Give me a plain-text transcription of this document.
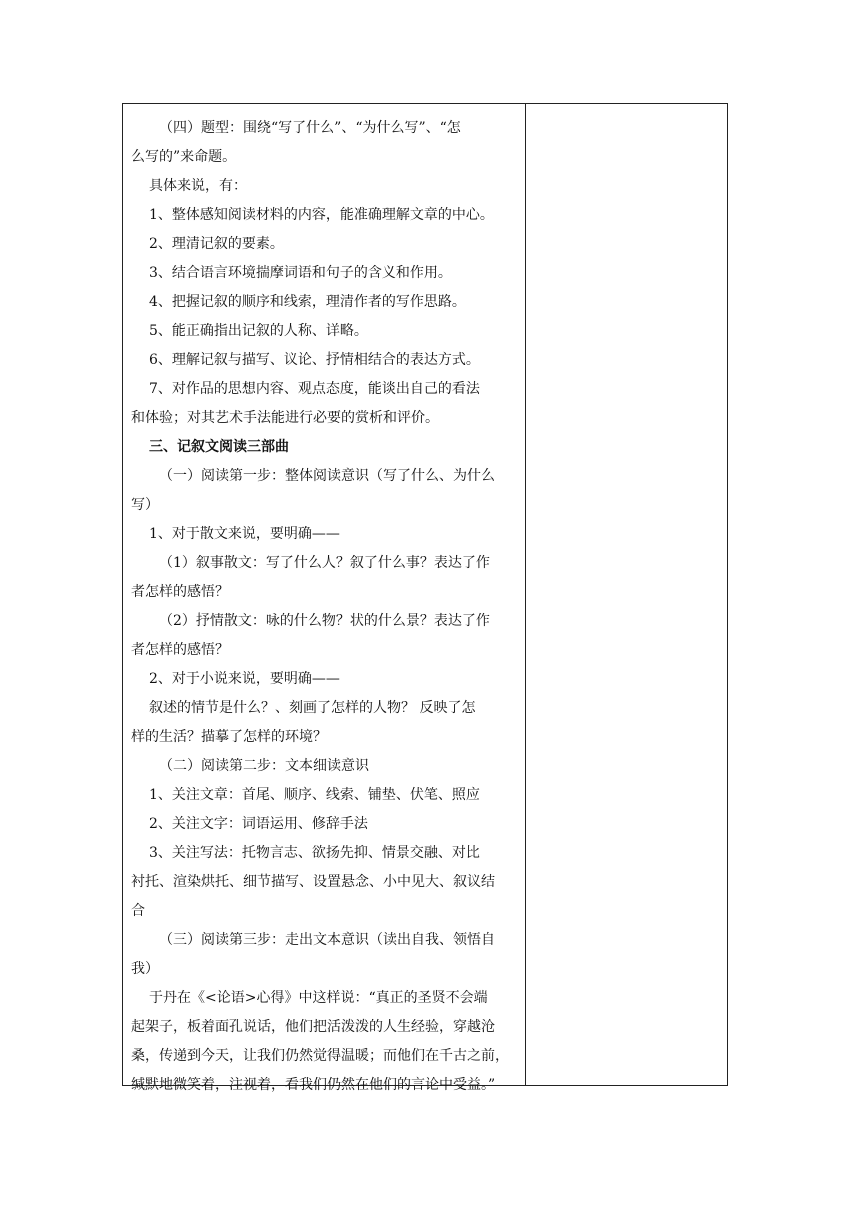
（四）题型：围绕“写了什么”、“为什么写”、“怎
么写的”来命题。
具体来说，有：
1、整体感知阅读材料的内容，能准确理解文章的中心。
2、理清记叙的要素。
3、结合语言环境揣摩词语和句子的含义和作用。
4、把握记叙的顺序和线索，理清作者的写作思路。
5、能正确指出记叙的人称、详略。
6、理解记叙与描写、议论、抒情相结合的表达方式。
7、对作品的思想内容、观点态度，能谈出自己的看法
和体验；对其艺术手法能进行必要的赏析和评价。
三、记叙文阅读三部曲
（一）阅读第一步：整体阅读意识（写了什么、为什么
写）
1、对于散文来说，要明确——
（1）叙事散文：写了什么人？叙了什么事？表达了作
者怎样的感悟？
（2）抒情散文：咏的什么物？状的什么景？表达了作
者怎样的感悟？
2、对于小说来说，要明确——
叙述的情节是什么？、刻画了怎样的人物？ 反映了怎
样的生活？描摹了怎样的环境？
（二）阅读第二步：文本细读意识
1、关注文章：首尾、顺序、线索、铺垫、伏笔、照应
2、关注文字：词语运用、修辞手法
3、关注写法：托物言志、欲扬先抑、情景交融、对比
衬托、渲染烘托、细节描写、设置悬念、小中见大、叙议结
合
（三）阅读第三步：走出文本意识（读出自我、领悟自
我）
于丹在《<论语>心得》中这样说：“真正的圣贤不会端
起架子，板着面孔说话，他们把活泼泼的人生经验，穿越沧
桑，传递到今天，让我们仍然觉得温暖；而他们在千古之前，
缄默地微笑着，注视着，看我们仍然在他们的言论中受益。”
